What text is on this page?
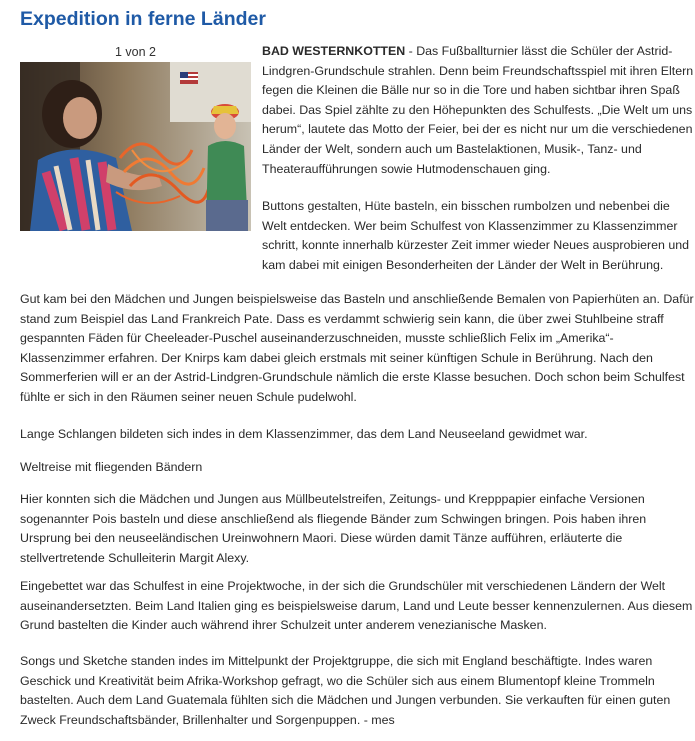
Expedition in ferne Länder
1 von 2	BAD WESTERNKOTTEN - Das Fußballturnier lässt die Schüler der Astrid-Lindgren-Grundschule strahlen. Denn beim Freundschaftsspiel mit ihren Eltern fegen die Kleinen die Bälle nur so in die Tore und haben sichtbar ihren Spaß dabei. Das Spiel zählte zu den Höhepunkten des Schulfests. „Die Welt um uns herum“, lautete das Motto der Feier, bei der es nicht nur um die verschiedenen Länder der Welt, sondern auch um Bastelaktionen, Musik-, Tanz- und Theateraufführungen sowie Hutmodenschauen ging.

Buttons gestalten, Hüte basteln, ein bisschen rumbolzen und nebenbei die Welt entdecken. Wer beim Schulfest von Klassenzimmer zu Klassenzimmer schritt, konnte innerhalb kürzester Zeit immer wieder Neues ausprobieren und kam dabei mit einigen Besonderheiten der Länder der Welt in Berührung.

Gut kam bei den Mädchen und Jungen beispielsweise das Basteln und anschließende Bemalen von Papierhüten an. Dafür stand zum Beispiel das Land Frankreich Pate. Dass es verdammt schwierig sein kann, die über zwei Stuhlbeine straff gespannten Fäden für Cheeleader-Puschel auseinanderzuschneiden, musste schließlich Felix im „Amerika“-Klassenzimmer erfahren. Der Knirps kam dabei gleich erstmals mit seiner künftigen Schule in Berührung. Nach den Sommerferien will er an der Astrid-Lindgren-Grundschule nämlich die erste Klasse besuchen. Doch schon beim Schulfest fühlte er sich in den Räumen seiner neuen Schule pudelwohl.

Lange Schlangen bildeten sich indes in dem Klassenzimmer, das dem Land Neuseeland gewidmet war.

Weltreise mit fliegenden Bändern

Hier konnten sich die Mädchen und Jungen aus Müllbeutelstreifen, Zeitungs- und Krepppapier einfache Versionen sogenannter Pois basteln und diese anschließend als fliegende Bänder zum Schwingen bringen. Pois haben ihren Ursprung bei den neuseeländischen Ureinwohnern Maori. Diese würden damit Tänze aufführen, erläuterte die stellvertretende Schulleiterin Margit Alexy.

Eingebettet war das Schulfest in eine Projektwoche, in der sich die Grundschüler mit verschiedenen Ländern der Welt auseinandersetzten. Beim Land Italien ging es beispielsweise darum, Land und Leute besser kennenzulernen. Aus diesem Grund bastelten die Kinder auch während ihrer Schulzeit unter anderem venezianische Masken.

Songs und Sketche standen indes im Mittelpunkt der Projektgruppe, die sich mit England beschäftigte. Indes waren Geschick und Kreativität beim Afrika-Workshop gefragt, wo die Schüler sich aus einem Blumentopf kleine Trommeln bastelten. Auch dem Land Guatemala fühlten sich die Mädchen und Jungen verbunden. Sie verkauften für einen guten Zweck Freundschaftsbänder, Brillenhalter und Sorgenpuppen. - mes
